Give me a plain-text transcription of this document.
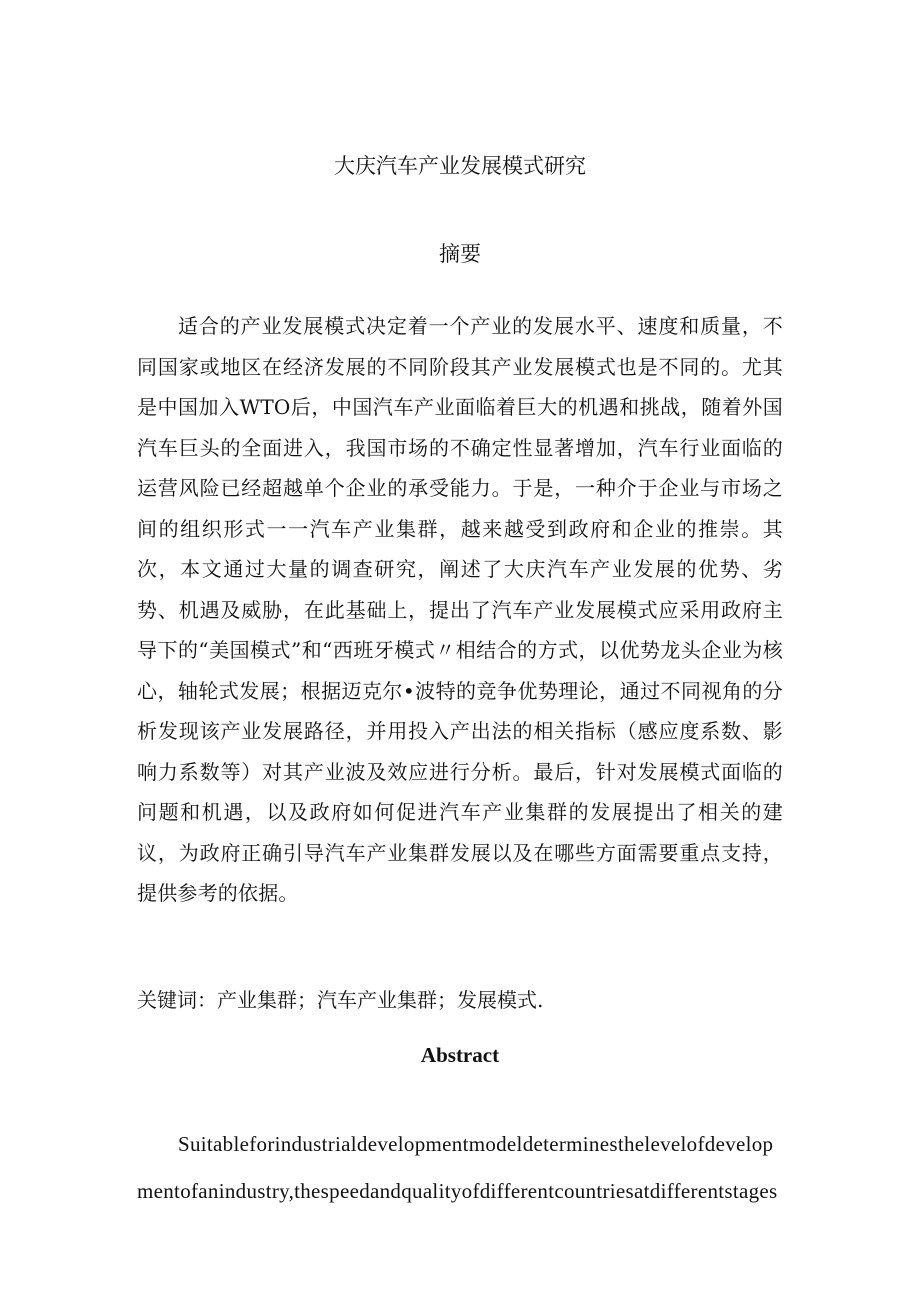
大庆汽车产业发展模式研究
摘要
适合的产业发展模式决定着一个产业的发展水平、速度和质量，不同国家或地区在经济发展的不同阶段其产业发展模式也是不同的。尤其是中国加入WTO后，中国汽车产业面临着巨大的机遇和挑战，随着外国汽车巨头的全面进入，我国市场的不确定性显著增加，汽车行业面临的运营风险已经超越单个企业的承受能力。于是，一种介于企业与市场之间的组织形式一一汽车产业集群，越来越受到政府和企业的推崇。其次，本文通过大量的调查研究，阐述了大庆汽车产业发展的优势、劣势、机遇及威胁，在此基础上，提出了汽车产业发展模式应采用政府主导下的“美国模式”和“西班牙模式〃相结合的方式，以优势龙头企业为核心，轴轮式发展；根据迈克尔•波特的竞争优势理论，通过不同视角的分析发现该产业发展路径，并用投入产出法的相关指标（感应度系数、影响力系数等）对其产业波及效应进行分析。最后，针对发展模式面临的问题和机遇，以及政府如何促进汽车产业集群的发展提出了相关的建议，为政府正确引导汽车产业集群发展以及在哪些方面需要重点支持，提供参考的依据。
关键词：产业集群；汽车产业集群；发展模式.
Abstract
Suitableforindustrialdevelopmentmodeldeterminesthelevelofdevelopmentofanindustry,thespeedandqualityofdifferentcountriesatdifferentstages
